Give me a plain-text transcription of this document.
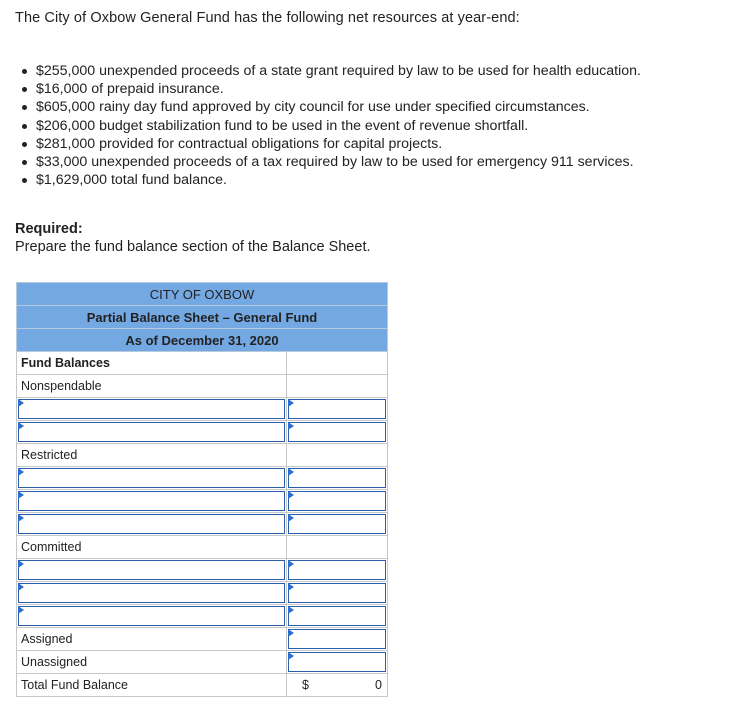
The City of Oxbow General Fund has the following net resources at year-end:
$255,000 unexpended proceeds of a state grant required by law to be used for health education.
$16,000 of prepaid insurance.
$605,000 rainy day fund approved by city council for use under specified circumstances.
$206,000 budget stabilization fund to be used in the event of revenue shortfall.
$281,000 provided for contractual obligations for capital projects.
$33,000 unexpended proceeds of a tax required by law to be used for emergency 911 services.
$1,629,000 total fund balance.
Required:
Prepare the fund balance section of the Balance Sheet.
CITY OF OXBOW
Partial Balance Sheet – General Fund
As of December 31, 2020
Fund Balances
Nonspendable
Restricted
Committed
Assigned
Unassigned
Total Fund Balance	$	0
